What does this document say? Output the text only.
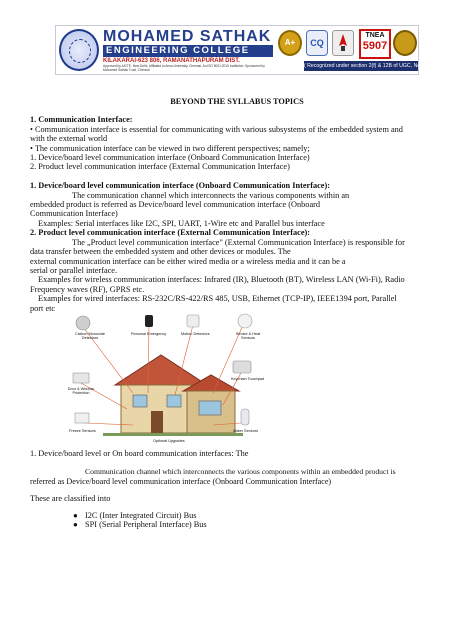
MOHAMED SATHAK
ENGINEERING COLLEGE
KILAKARAI-623 806, RAMANATHAPURAM DIST.
Approved by AICTE, New Delhi, Affiliated to Anna University, Chennai. An ISO 9001:2015 Institution. Sponsored by Mohamed Sathak Trust, Chennai
A+	CQ
TNEA
5907
( Recognized under section 2(f) & 12B of UGC, NewDelhi )
BEYOND THE SYLLABUS TOPICS
1. Communication Interface:
• Communication interface is essential for communicating with various subsystems of the embedded system and
with the external world
• The communication interface can be viewed in two different perspectives; namely;
1. Device/board level communication interface (Onboard Communication Interface)
2. Product level communication interface (External Communication Interface)
1. Device/board level communication interface (Onboard Communication Interface):
The communication channel which interconnects the various components within an
embedded product is referred as Device/board level communication interface (Onboard
Communication Interface)
Examples: Serial interfaces like I2C, SPI, UART, 1-Wire etc and Parallel bus interface
2. Product level communication interface (External Communication Interface):
The „Product level communication interface" (External Communication Interface) is responsible for
data transfer between the embedded system and other devices or modules. The
external communication interface can be either wired media or a wireless media and it can be a
serial or parallel interface.
Examples for wireless communication interfaces: Infrared (IR), Bluetooth (BT), Wireless LAN (Wi-Fi), Radio
Frequency waves (RF), GPRS etc.
Examples for wired interfaces: RS-232C/RS-422/RS 485, USB, Ethernet (TCP-IP), IEEE1394 port, Parallel
port etc
Carbon Monoxide Detectors
Personal Emergency	Motion Detectors	Smoke & Heat Sensors
Door & Window Protection
Keychain Touchpad
Freeze Sensors
Optional Upgrades
Water Sensors
1. Device/board level or On board communication interfaces: The
Communication channel which interconnects the various components within an embedded product is
referred as Device/board level communication interface (Onboard Communication Interface)
These are classified into
● I2C (Inter Integrated Circuit) Bus
● SPI (Serial Peripheral Interface) Bus
